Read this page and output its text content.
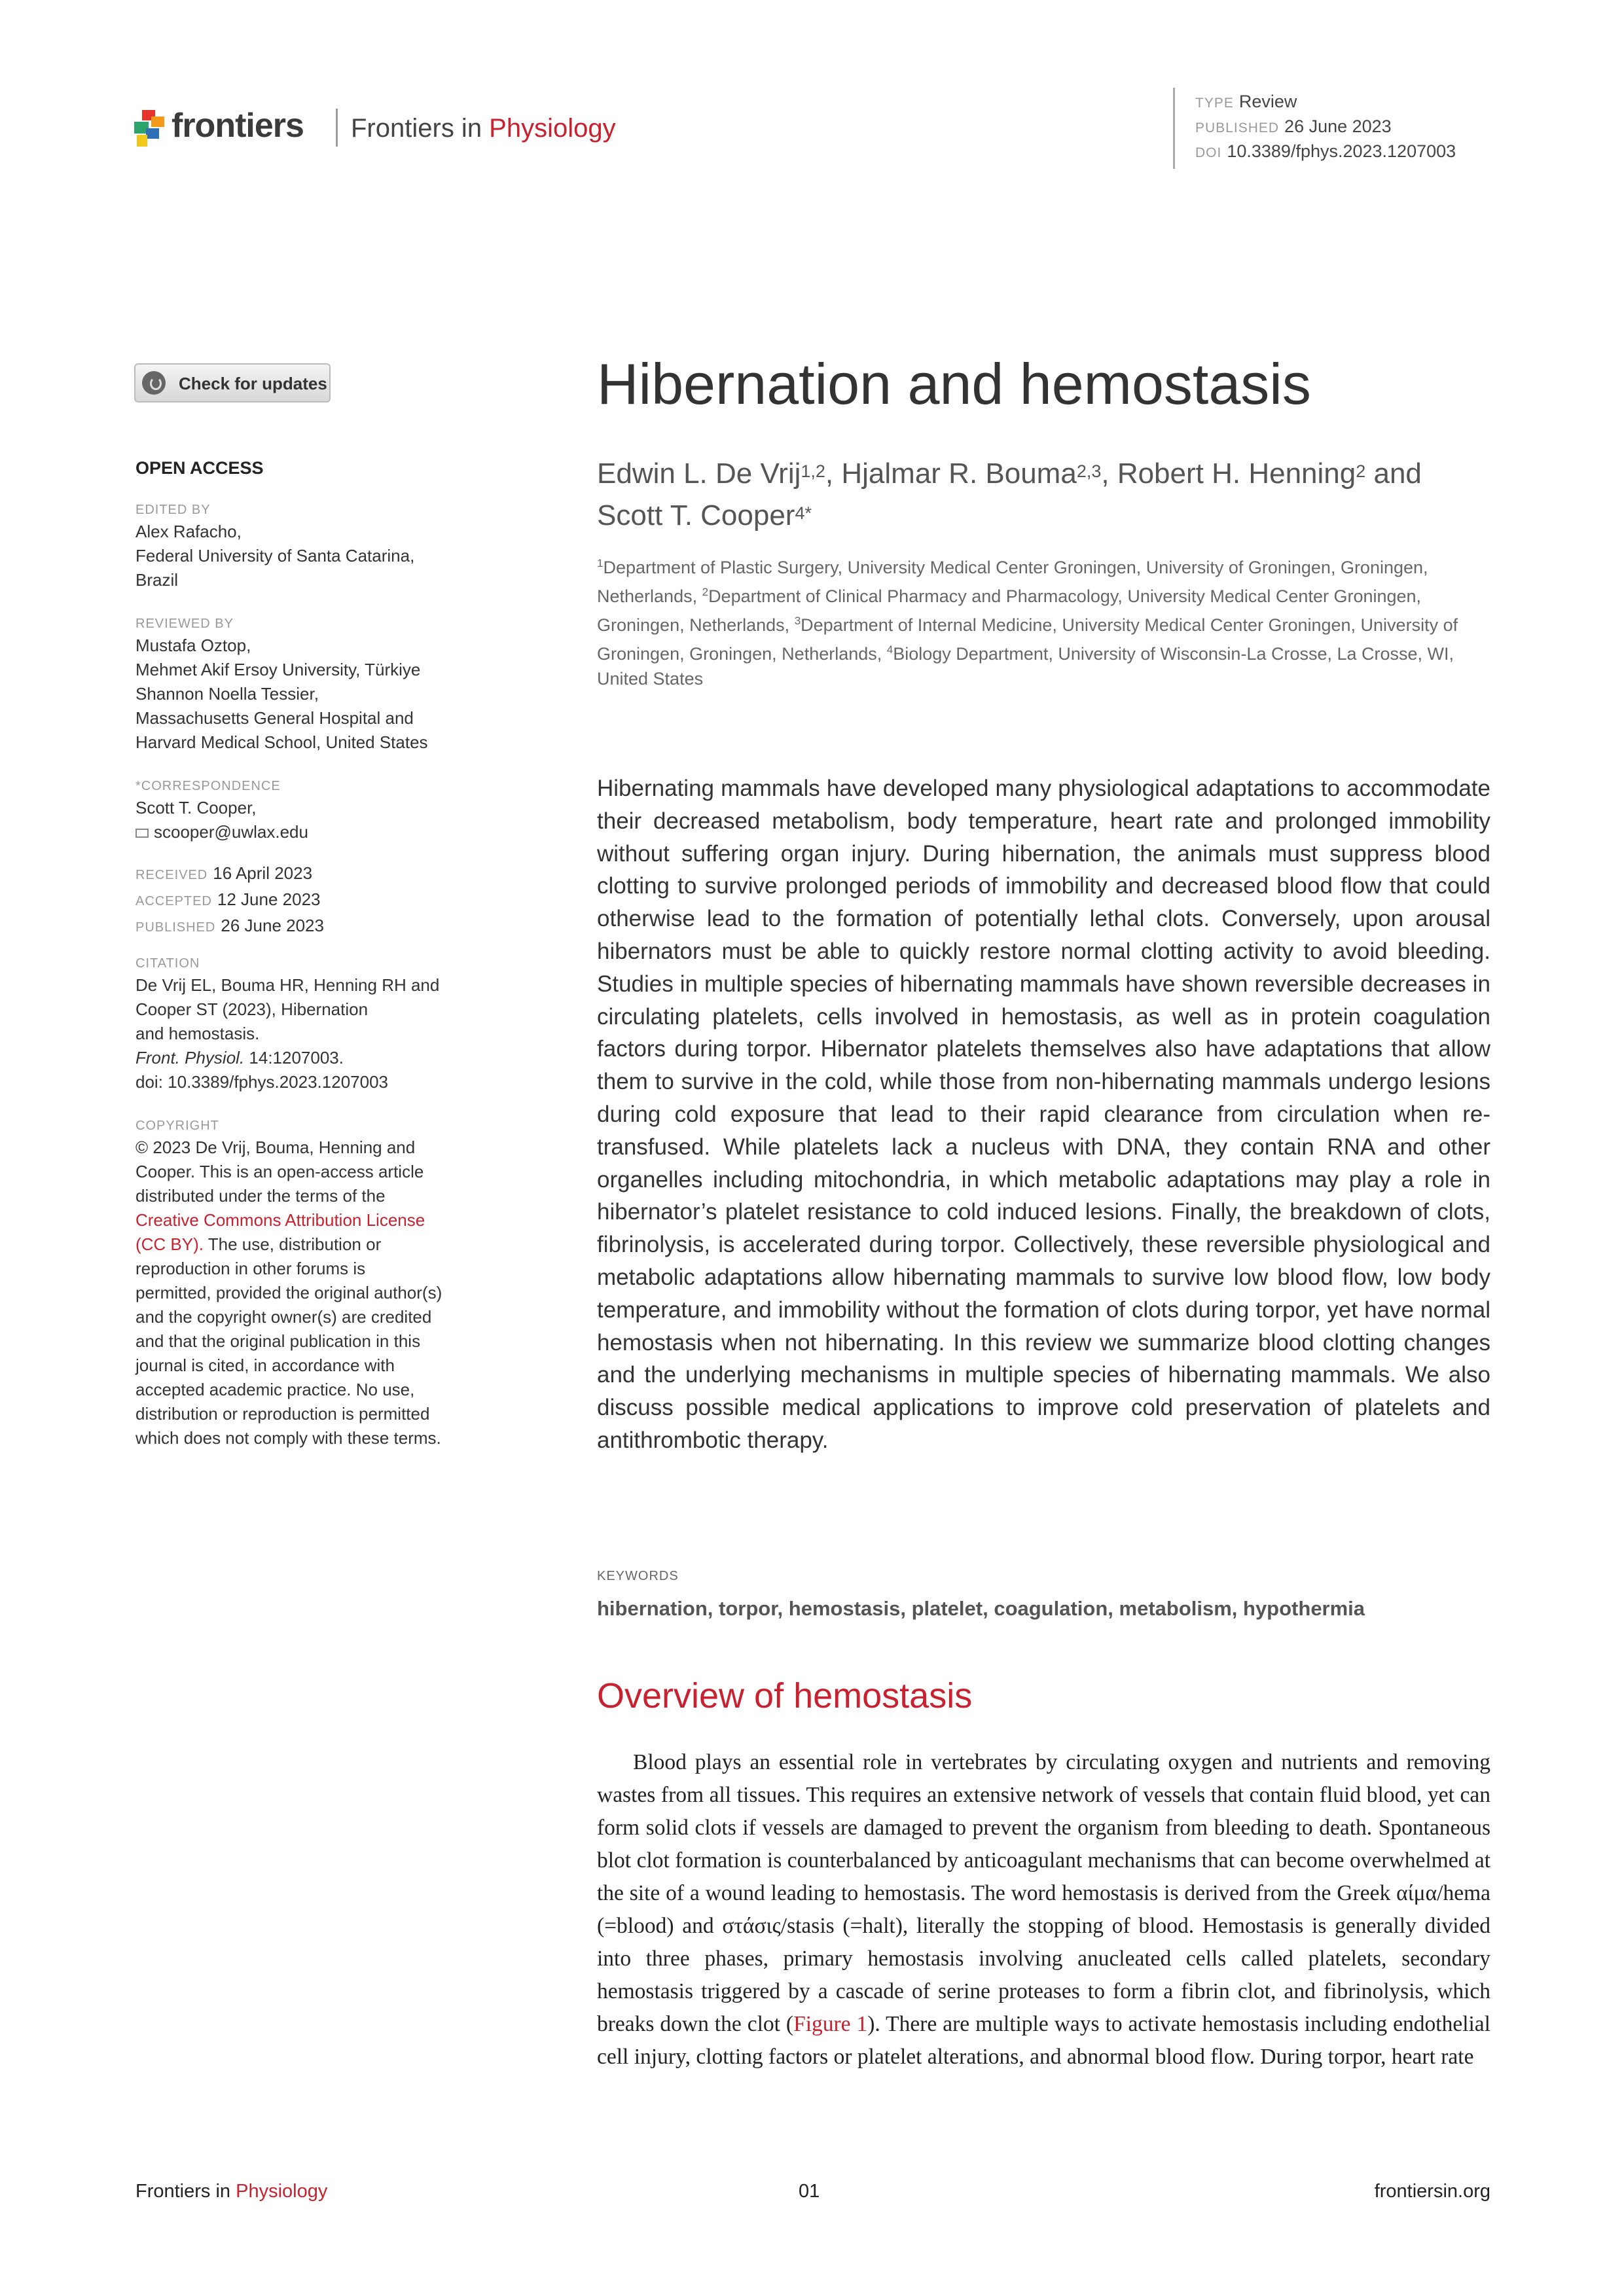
frontiers Frontiers in Physiology
TYPE Review
PUBLISHED 26 June 2023
DOI 10.3389/fphys.2023.1207003
Check for updates
OPEN ACCESS
EDITED BY
Alex Rafacho,
Federal University of Santa Catarina,
Brazil
REVIEWED BY
Mustafa Oztop,
Mehmet Akif Ersoy University, Türkiye
Shannon Noella Tessier,
Massachusetts General Hospital and
Harvard Medical School, United States
*CORRESPONDENCE
Scott T. Cooper,
scooper@uwlax.edu
RECEIVED 16 April 2023
ACCEPTED 12 June 2023
PUBLISHED 26 June 2023
CITATION
De Vrij EL, Bouma HR, Henning RH and
Cooper ST (2023), Hibernation
and hemostasis.
Front. Physiol. 14:1207003.
doi: 10.3389/fphys.2023.1207003
COPYRIGHT
© 2023 De Vrij, Bouma, Henning and
Cooper. This is an open-access article
distributed under the terms of the
Creative Commons Attribution License
(CC BY). The use, distribution or
reproduction in other forums is
permitted, provided the original author(s)
and the copyright owner(s) are credited
and that the original publication in this
journal is cited, in accordance with
accepted academic practice. No use,
distribution or reproduction is permitted
which does not comply with these terms.
Hibernation and hemostasis
Edwin L. De Vrij$^{1,2}$, Hjalmar R. Bouma$^{2,3}$, Robert H. Henning$^2$ and
Scott T. Cooper$^{4*}$
$^1$Department of Plastic Surgery, University Medical Center Groningen, University of Groningen, Groningen, Netherlands, $^2$Department of Clinical Pharmacy and Pharmacology, University Medical Center Groningen, Groningen, Netherlands, $^3$Department of Internal Medicine, University Medical Center Groningen, University of Groningen, Groningen, Netherlands, $^4$Biology Department, University of Wisconsin-La Crosse, La Crosse, WI, United States
Hibernating mammals have developed many physiological adaptations to accommodate their decreased metabolism, body temperature, heart rate and prolonged immobility without suffering organ injury. During hibernation, the animals must suppress blood clotting to survive prolonged periods of immobility and decreased blood flow that could otherwise lead to the formation of potentially lethal clots. Conversely, upon arousal hibernators must be able to quickly restore normal clotting activity to avoid bleeding. Studies in multiple species of hibernating mammals have shown reversible decreases in circulating platelets, cells involved in hemostasis, as well as in protein coagulation factors during torpor. Hibernator platelets themselves also have adaptations that allow them to survive in the cold, while those from non-hibernating mammals undergo lesions during cold exposure that lead to their rapid clearance from circulation when re-transfused. While platelets lack a nucleus with DNA, they contain RNA and other organelles including mitochondria, in which metabolic adaptations may play a role in hibernator’s platelet resistance to cold induced lesions. Finally, the breakdown of clots, fibrinolysis, is accelerated during torpor. Collectively, these reversible physiological and metabolic adaptations allow hibernating mammals to survive low blood flow, low body temperature, and immobility without the formation of clots during torpor, yet have normal hemostasis when not hibernating. In this review we summarize blood clotting changes and the underlying mechanisms in multiple species of hibernating mammals. We also discuss possible medical applications to improve cold preservation of platelets and antithrombotic therapy.
KEYWORDS
hibernation, torpor, hemostasis, platelet, coagulation, metabolism, hypothermia
Overview of hemostasis
Blood plays an essential role in vertebrates by circulating oxygen and nutrients and removing wastes from all tissues. This requires an extensive network of vessels that contain fluid blood, yet can form solid clots if vessels are damaged to prevent the organism from bleeding to death. Spontaneous blot clot formation is counterbalanced by anticoagulant mechanisms that can become overwhelmed at the site of a wound leading to hemostasis. The word hemostasis is derived from the Greek αίμα/hema (=blood) and στάσις/stasis (=halt), literally the stopping of blood. Hemostasis is generally divided into three phases, primary hemostasis involving anucleated cells called platelets, secondary hemostasis triggered by a cascade of serine proteases to form a fibrin clot, and fibrinolysis, which breaks down the clot (Figure 1). There are multiple ways to activate hemostasis including endothelial cell injury, clotting factors or platelet alterations, and abnormal blood flow. During torpor, heart rate
Frontiers in Physiology	01	frontiersin.org
